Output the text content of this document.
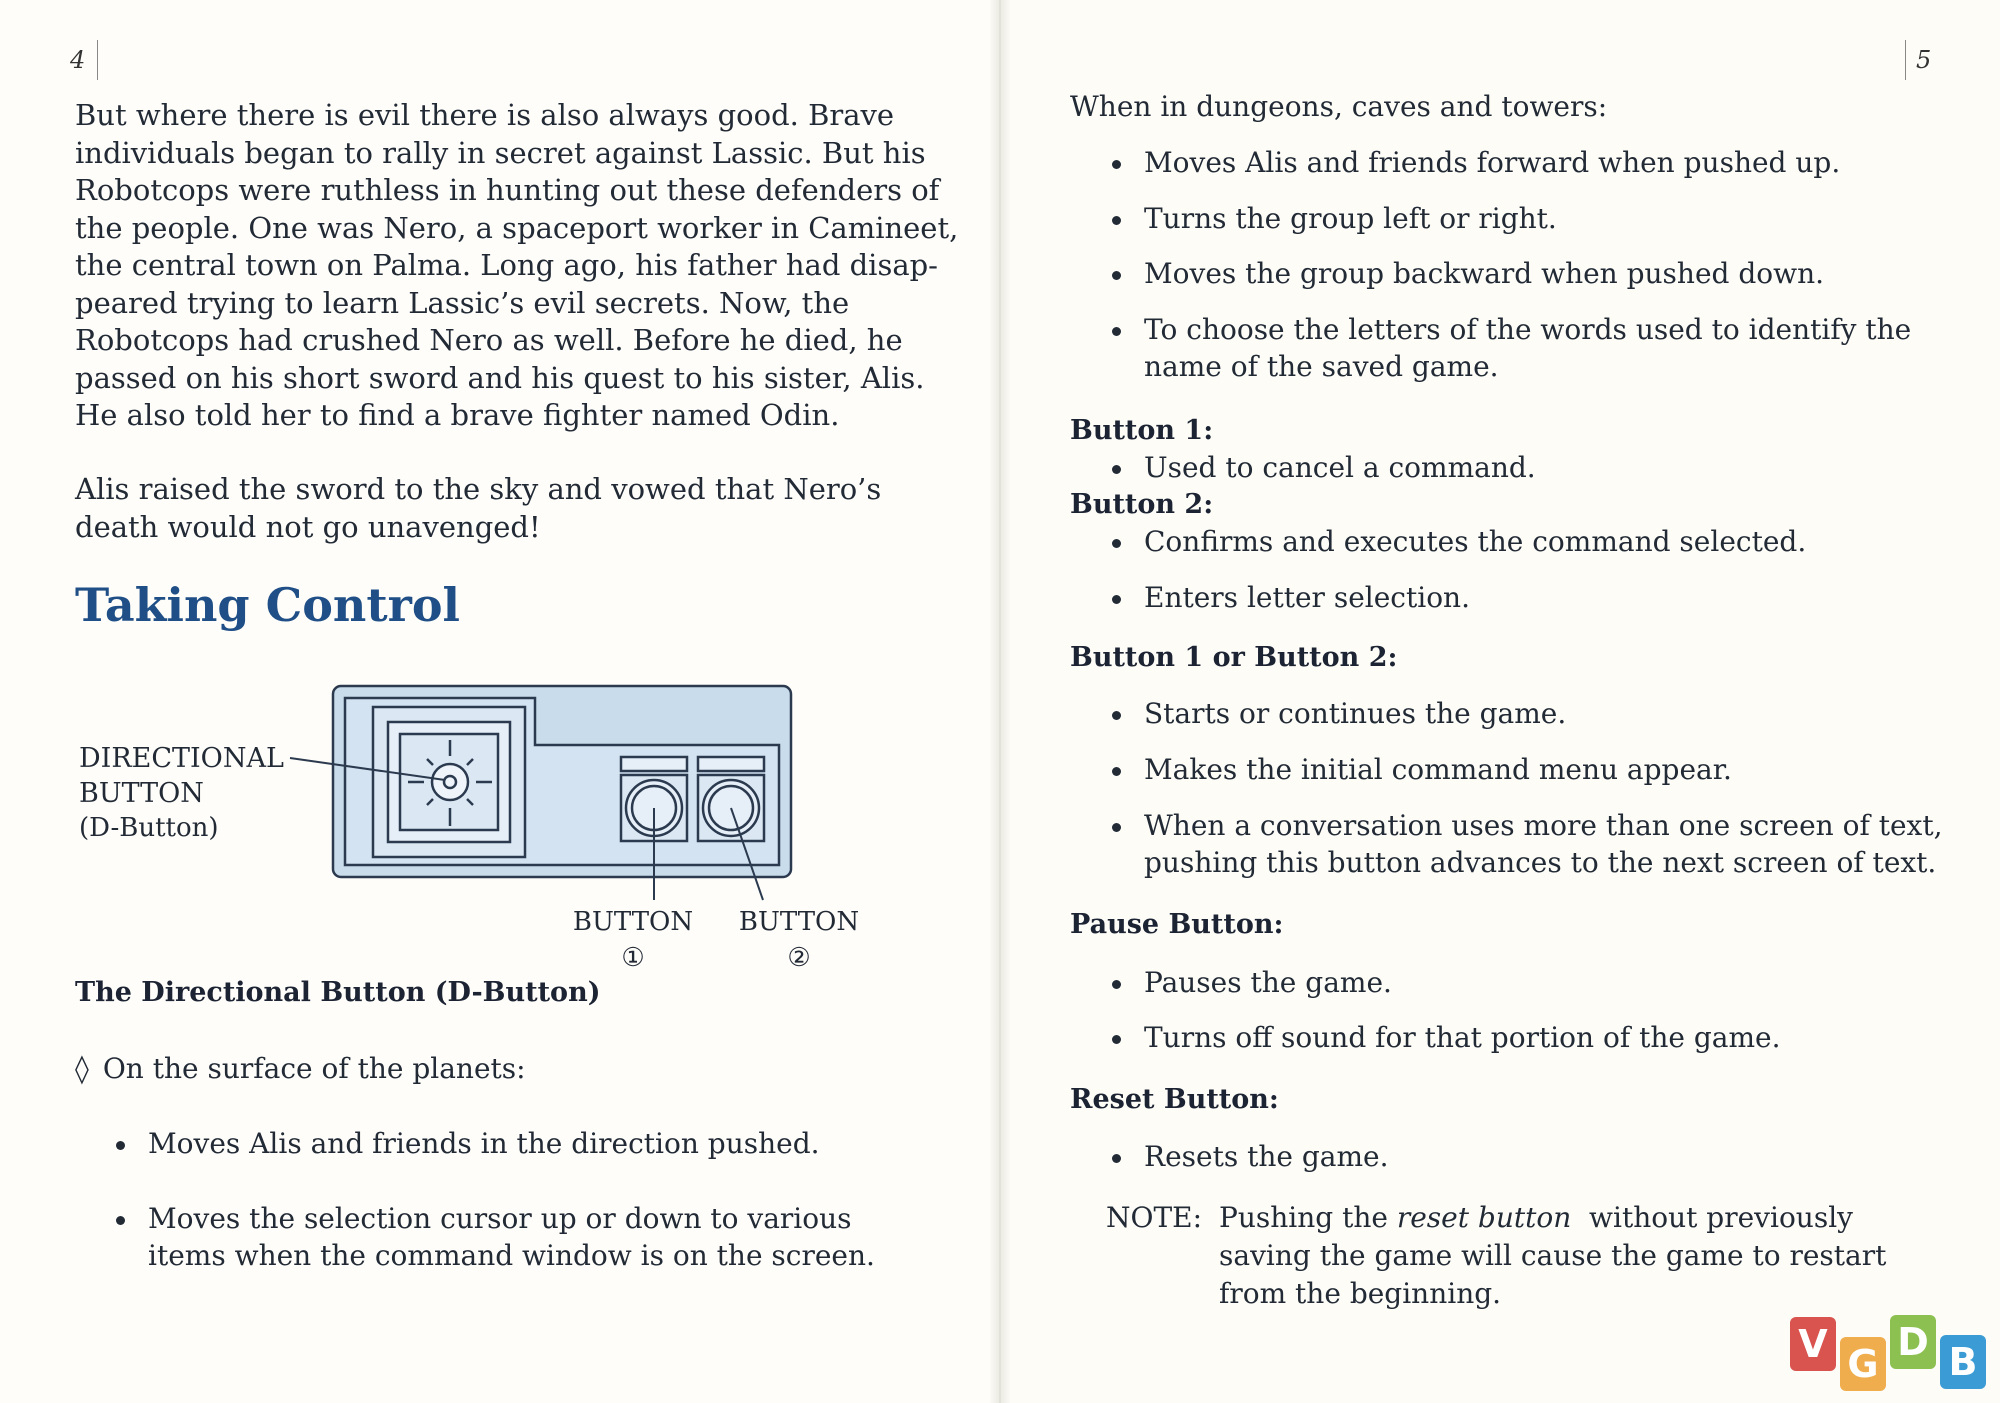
4	5

But where there is evil there is also always good. Brave

individuals began to rally in secret against Lassic. But his

Robotcops were ruthless in hunting out these defenders of

the people. One was Nero, a spaceport worker in Camineet,

the central town on Palma. Long ago, his father had disap-

peared trying to learn Lassic’s evil secrets. Now, the

Robotcops had crushed Nero as well. Before he died, he

passed on his short sword and his quest to his sister, Alis.

He also told her to find a brave fighter named Odin.

Alis raised the sword to the sky and vowed that Nero’s

death would not go unavenged!

Taking Control

DIRECTIONAL

BUTTON

(D-Button)

BUTTON
①
BUTTON
②
The Directional Button (D-Button)

◊ On the surface of the planets:

Moves Alis and friends in the direction pushed.
Moves the selection cursor up or down to various
items when the command window is on the screen.

When in dungeons, caves and towers:

Moves Alis and friends forward when pushed up.
Turns the group left or right.
Moves the group backward when pushed down.
To choose the letters of the words used to identify the
name of the saved game.
Button 1:
Used to cancel a command.
Button 2:
Confirms and executes the command selected.
Enters letter selection.
Button 1 or Button 2:
Starts or continues the game.
Makes the initial command menu appear.
When a conversation uses more than one screen of text,
pushing this button advances to the next screen of text.
Pause Button:
Pauses the game.
Turns off sound for that portion of the game.
Reset Button:
Resets the game.

NOTE: Pushing the reset button  without previously

saving the game will cause the game to restart

from the beginning.

V G D B
